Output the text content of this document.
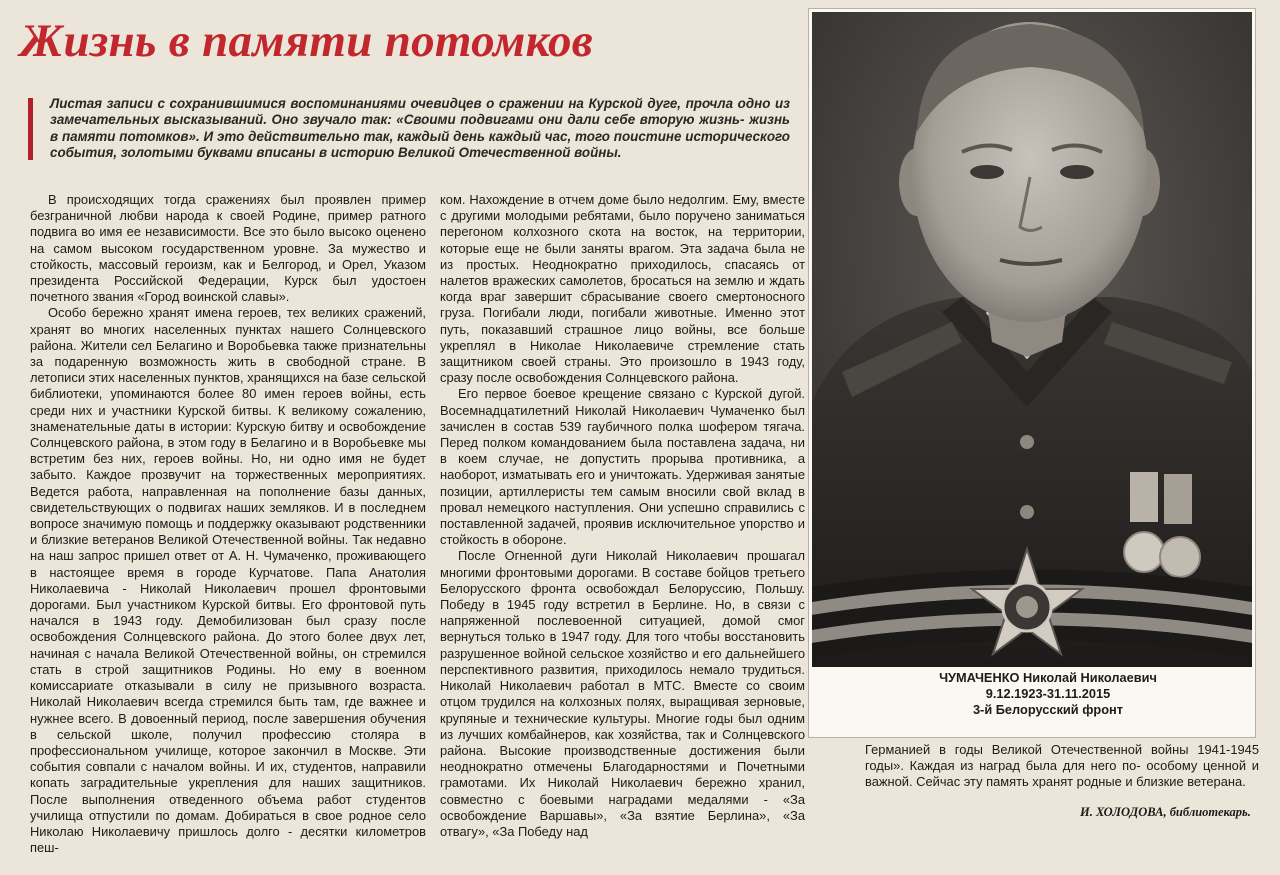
Жизнь в памяти потомков

Листая записи с сохранившимися воспоминаниями очевидцев о сражении на Курской дуге, прочла одно из замечательных высказываний. Оно звучало так: «Своими подвигами они дали себе вторую жизнь- жизнь в памяти потомков». И это действительно так, каждый день каждый час, того поистине исторического события, золотыми буквами вписаны в историю Великой Отечественной войны.

В происходящих тогда сражениях был проявлен пример безграничной любви народа к своей Родине, пример ратного подвига во имя ее независимости. Все это было высоко оценено на самом высоком государственном уровне. За мужество и стойкость, массовый героизм, как и Белгород, и Орел, Указом президента Российской Федерации, Курск был удостоен почетного звания «Город воинской славы».

Особо бережно хранят имена героев, тех великих сражений, хранят во многих населенных пунктах нашего Солнцевского района. Жители сел Белагино и Воробьевка также признательны за подаренную возможность жить в свободной стране. В летописи этих населенных пунктов, хранящихся на базе сельской библиотеки, упоминаются более 80 имен героев войны, есть среди них и участники Курской битвы. К великому сожалению, знаменательные даты в истории: Курскую битву и освобождение Солнцевского района, в этом году в Белагино и в Воробьевке мы встретим без них, героев войны. Но, ни одно имя не будет забыто. Каждое прозвучит на торжественных мероприятиях. Ведется работа, направленная на пополнение базы данных, свидетельствующих о подвигах наших земляков. И в последнем вопросе значимую помощь и поддержку оказывают родственники и близкие ветеранов Великой Отечественной войны. Так недавно на наш запрос пришел ответ от А. Н. Чумаченко, проживающего в настоящее время в городе Курчатове. Папа Анатолия Николаевича - Николай Николаевич прошел фронтовыми дорогами. Был участником Курской битвы. Его фронтовой путь начался в 1943 году. Демобилизован был сразу после освобождения Солнцевского района. До этого более двух лет, начиная с начала Великой Отечественной войны, он стремился стать в строй защитников Родины. Но ему в военном комиссариате отказывали в силу не призывного возраста. Николай Николаевич всегда стремился быть там, где важнее и нужнее всего. В довоенный период, после завершения обучения в сельской школе, получил профессию столяра в профессиональном училище, которое закончил в Москве. Эти события совпали с началом войны. И их, студентов, направили копать заградительные укрепления для наших защитников. После выполнения отведенного объема работ студентов училища отпустили по домам. Добираться в свое родное село Николаю Николаевичу пришлось долго - десятки километров пеш-

ком. Нахождение в отчем доме было недолгим. Ему, вместе с другими молодыми ребятами, было поручено заниматься перегоном колхозного скота на восток, на территории, которые еще не были заняты врагом. Эта задача была не из простых. Неоднократно приходилось, спасаясь от налетов вражеских самолетов, бросаться на землю и ждать когда враг завершит сбрасывание своего смертоносного груза. Погибали люди, погибали животные. Именно этот путь, показавший страшное лицо войны, все больше укреплял в Николае Николаевиче стремление стать защитником своей страны. Это произошло в 1943 году, сразу после освобождения Солнцевского района.

Его первое боевое крещение связано с Курской дугой. Восемнадцатилетний Николай Николаевич Чумаченко был зачислен в состав 539 гаубичного полка шофером тягача. Перед полком командованием была поставлена задача, ни в коем случае, не допустить прорыва противника, а наоборот, изматывать его и уничтожать. Удерживая занятые позиции, артиллеристы тем самым вносили свой вклад в провал немецкого наступления. Они успешно справились с поставленной задачей, проявив исключительное упорство и стойкость в обороне.

После Огненной дуги Николай Николаевич прошагал многими фронтовыми дорогами. В составе бойцов третьего Белорусского фронта освобождал Белоруссию, Польшу. Победу в 1945 году встретил в Берлине. Но, в связи с напряженной послевоенной ситуацией, домой смог вернуться только в 1947 году. Для того чтобы восстановить разрушенное войной сельское хозяйство и его дальнейшего перспективного развития, приходилось немало трудиться. Николай Николаевич работал в МТС. Вместе со своим отцом трудился на колхозных полях, выращивая зерновые, крупяные и технические культуры. Многие годы был одним из лучших комбайнеров, как хозяйства, так и Солнцевского района. Высокие производственные достижения были неоднократно отмечены Благодарностями и Почетными грамотами. Их Николай Николаевич бережно хранил, совместно с боевыми наградами медалями - «За освобождение Варшавы», «За взятие Берлина», «За отвагу», «За Победу над

ЧУМАЧЕНКО Николай Николаевич
9.12.1923-31.11.2015
3-й Белорусский фронт

Германией в годы Великой Отечественной войны 1941-1945 годы». Каждая из наград была для него по- особому ценной и важной. Сейчас эту память хранят родные и близкие ветерана.

И. ХОЛОДОВА, библиотекарь.
